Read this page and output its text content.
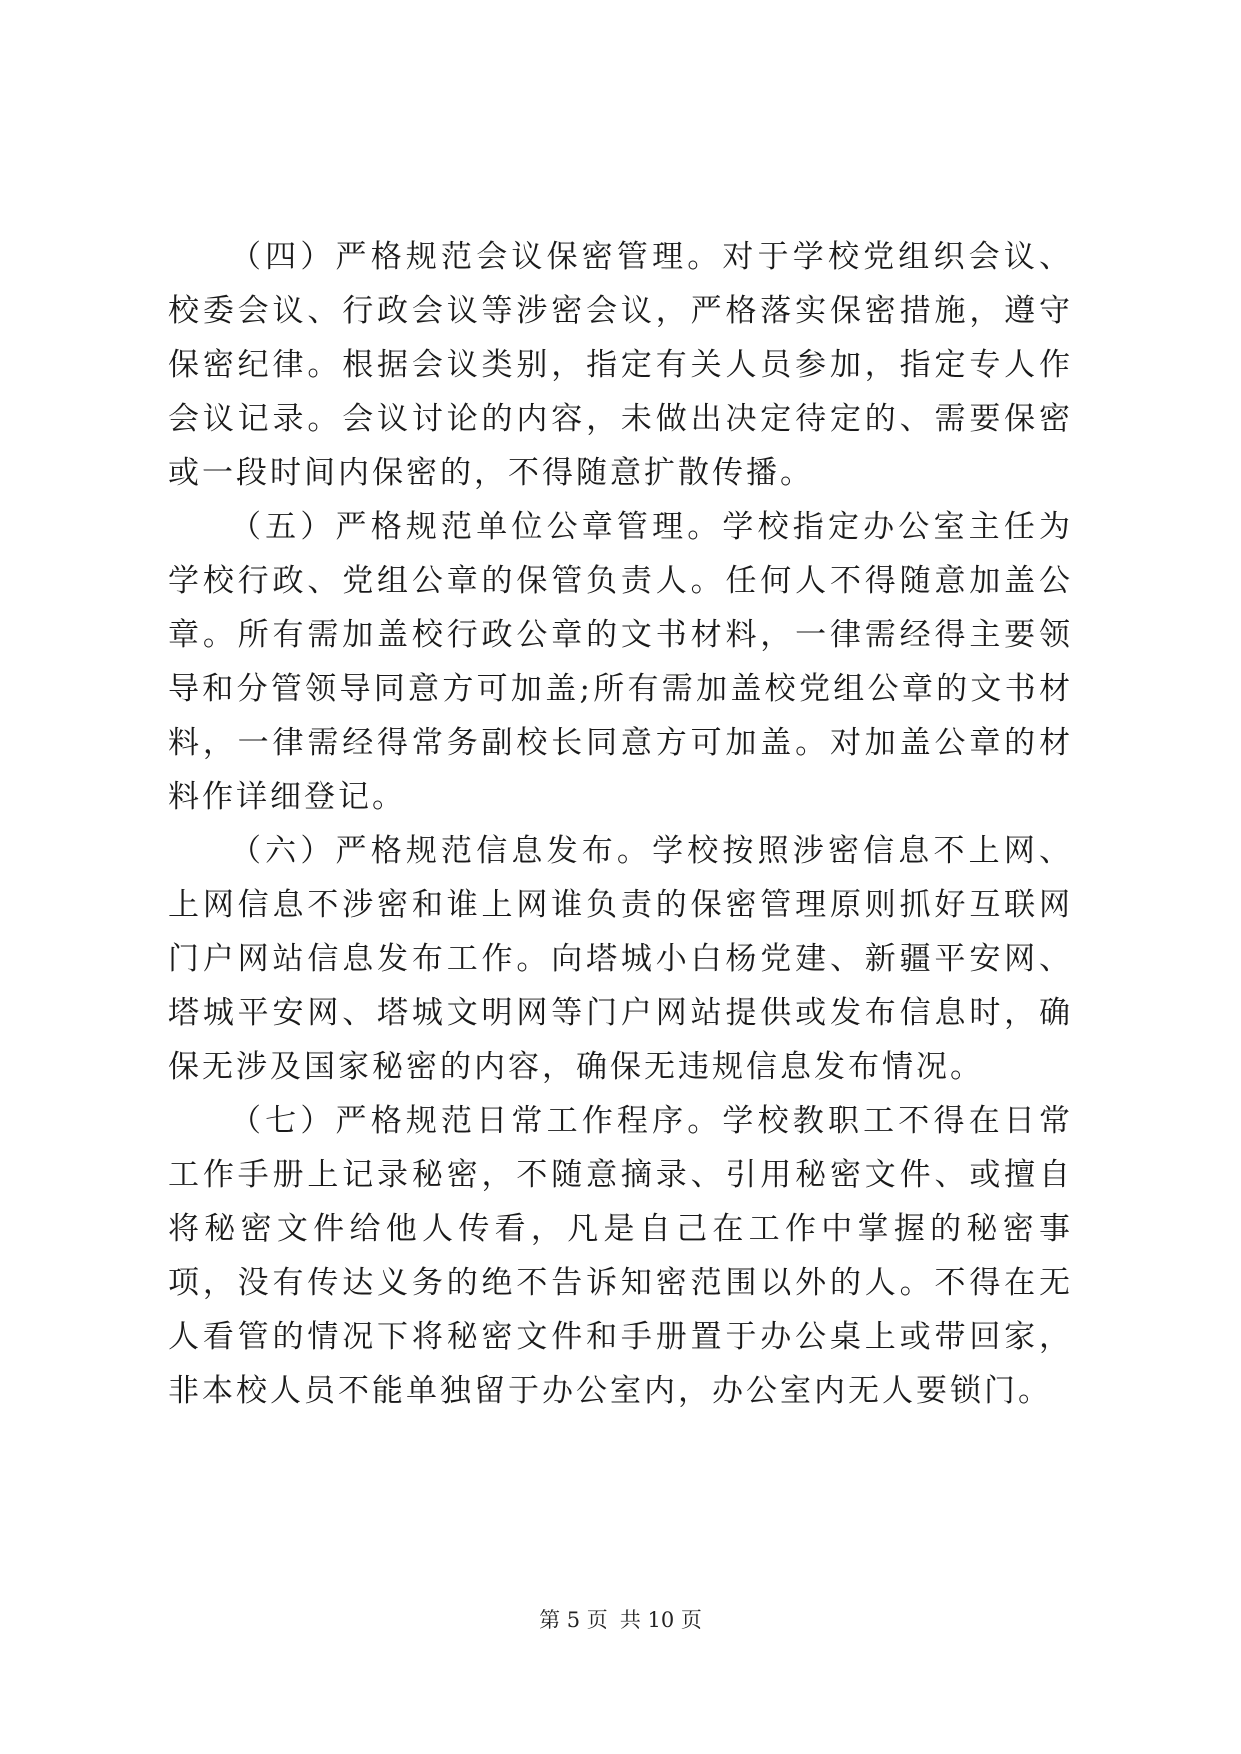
（四）严格规范会议保密管理。对于学校党组织会议、校委会议、行政会议等涉密会议，严格落实保密措施，遵守保密纪律。根据会议类别，指定有关人员参加，指定专人作会议记录。会议讨论的内容，未做出决定待定的、需要保密或一段时间内保密的，不得随意扩散传播。

（五）严格规范单位公章管理。学校指定办公室主任为学校行政、党组公章的保管负责人。任何人不得随意加盖公章。所有需加盖校行政公章的文书材料，一律需经得主要领导和分管领导同意方可加盖;所有需加盖校党组公章的文书材料，一律需经得常务副校长同意方可加盖。对加盖公章的材料作详细登记。

（六）严格规范信息发布。学校按照涉密信息不上网、上网信息不涉密和谁上网谁负责的保密管理原则抓好互联网门户网站信息发布工作。向塔城小白杨党建、新疆平安网、塔城平安网、塔城文明网等门户网站提供或发布信息时，确保无涉及国家秘密的内容，确保无违规信息发布情况。

（七）严格规范日常工作程序。学校教职工不得在日常工作手册上记录秘密，不随意摘录、引用秘密文件、或擅自将秘密文件给他人传看，凡是自己在工作中掌握的秘密事项，没有传达义务的绝不告诉知密范围以外的人。不得在无人看管的情况下将秘密文件和手册置于办公桌上或带回家，非本校人员不能单独留于办公室内，办公室内无人要锁门。

第 5 页 共 10 页
